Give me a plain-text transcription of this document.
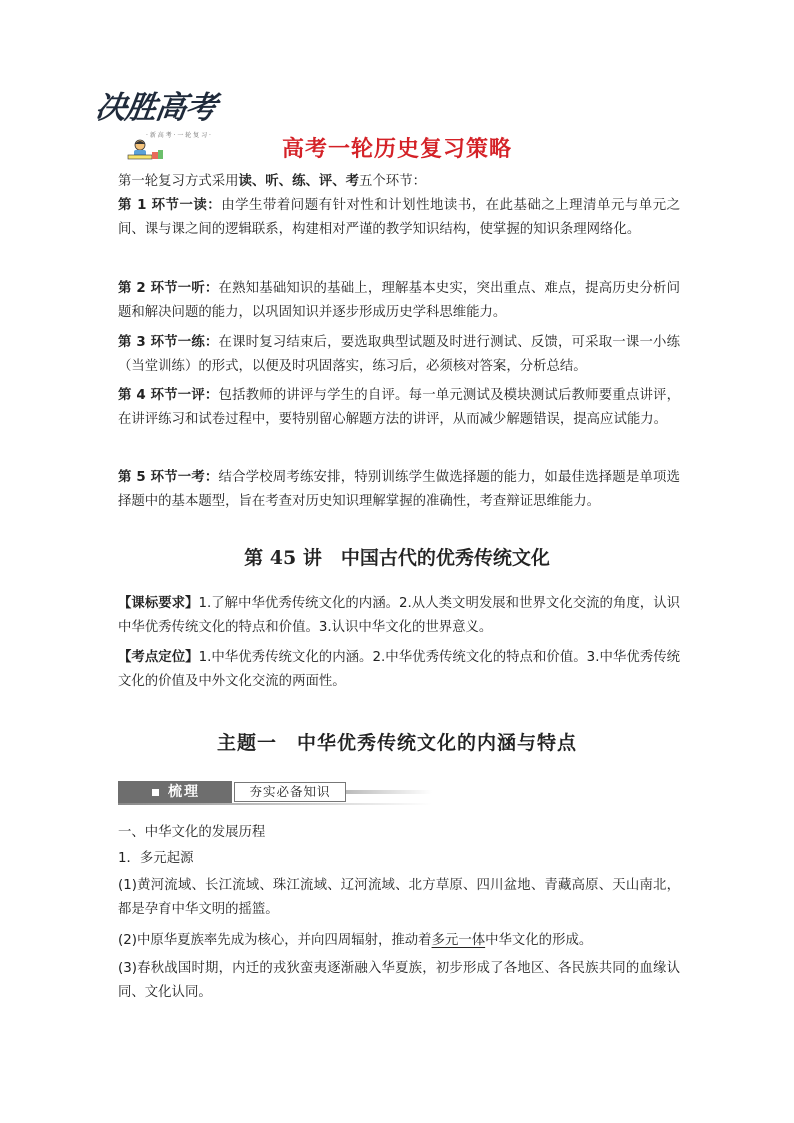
决胜高考
· 新 高 考 · 一 轮 复 习 ·
高考一轮历史复习策略

第一轮复习方式采用读、听、练、评、考五个环节：

第 1 环节一读：由学生带着问题有针对性和计划性地读书，在此基础之上理清单元与单元之间、课与课之间的逻辑联系，构建相对严谨的教学知识结构，使掌握的知识条理网络化。

第 2 环节一听：在熟知基础知识的基础上，理解基本史实，突出重点、难点，提高历史分析问题和解决问题的能力，以巩固知识并逐步形成历史学科思维能力。

第 3 环节一练：在课时复习结束后，要选取典型试题及时进行测试、反馈，可采取一课一小练（当堂训练）的形式，以便及时巩固落实，练习后，必须核对答案，分析总结。

第 4 环节一评：包括教师的讲评与学生的自评。每一单元测试及模块测试后教师要重点讲评，在讲评练习和试卷过程中，要特别留心解题方法的讲评，从而减少解题错误，提高应试能力。

第 5 环节一考：结合学校周考练安排，特别训练学生做选择题的能力，如最佳选择题是单项选择题中的基本题型，旨在考查对历史知识理解掌握的准确性，考查辩证思维能力。

第 45 讲　中国古代的优秀传统文化

【课标要求】1.了解中华优秀传统文化的内涵。2.从人类文明发展和世界文化交流的角度，认识中华优秀传统文化的特点和价值。3.认识中华文化的世界意义。

【考点定位】1.中华优秀传统文化的内涵。2.中华优秀传统文化的特点和价值。3.中华优秀传统文化的价值及中外文化交流的两面性。

主题一　中华优秀传统文化的内涵与特点
梳理	夯实必备知识

一、中华文化的发展历程

1．多元起源

(1)黄河流域、长江流域、珠江流域、辽河流域、北方草原、四川盆地、青藏高原、天山南北，都是孕育中华文明的摇篮。

(2)中原华夏族率先成为核心，并向四周辐射，推动着多元一体中华文化的形成。

(3)春秋战国时期，内迁的戎狄蛮夷逐渐融入华夏族，初步形成了各地区、各民族共同的血缘认同、文化认同。
